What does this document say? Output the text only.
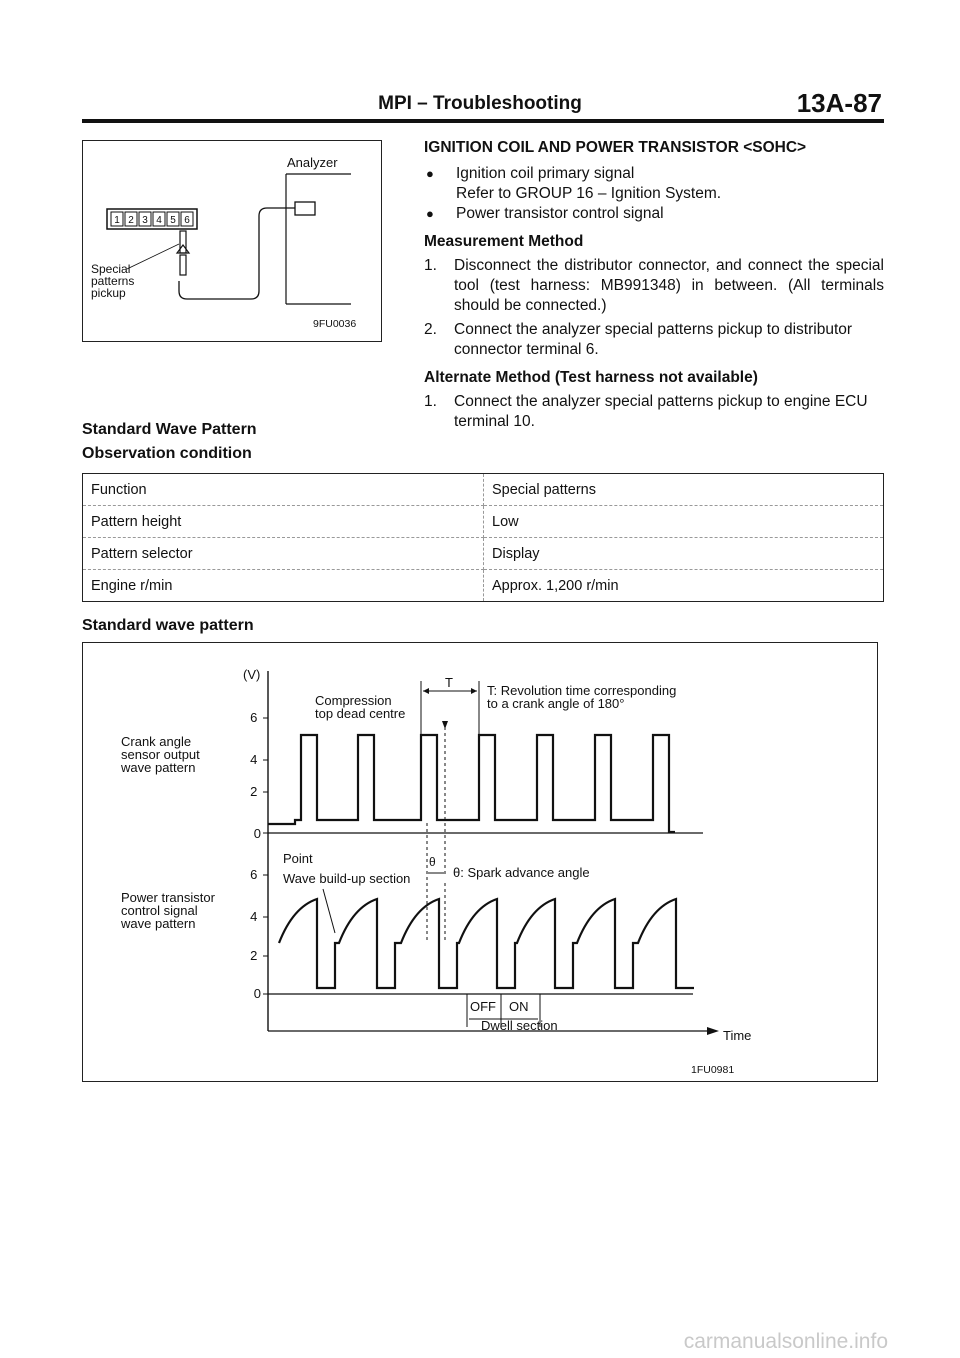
MPI – Troubleshooting	13A-87
Analyzer
1 2 3 4 5 6
Special patterns pickup
9FU0036
IGNITION COIL AND POWER TRANSISTOR <SOHC>
●	Ignition coil primary signal
Refer to GROUP 16 – Ignition System.
●	Power transistor control signal
Measurement Method
1.	Disconnect the distributor connector, and connect the special tool (test harness: MB991348) in between. (All terminals should be connected.)
2.	Connect the analyzer special patterns pickup to distributor connector terminal 6.
Alternate Method (Test harness not available)
1.	Connect the analyzer special patterns pickup to engine ECU terminal 10.
Standard Wave Pattern
Observation condition
Function	Special patterns
Pattern height	Low
Pattern selector	Display
Engine r/min	Approx. 1,200 r/min
Standard wave pattern
(V)
6 4 2 0
6 4 2 0
Crank angle sensor output wave pattern
Power transistor control signal wave pattern
Compression top dead centre
T
T: Revolution time corresponding to a crank angle of 180°
θ
θ: Spark advance angle
Point Wave build-up section
OFF ON
Dwell section
Time
1FU0981
carmanualsonline.info
